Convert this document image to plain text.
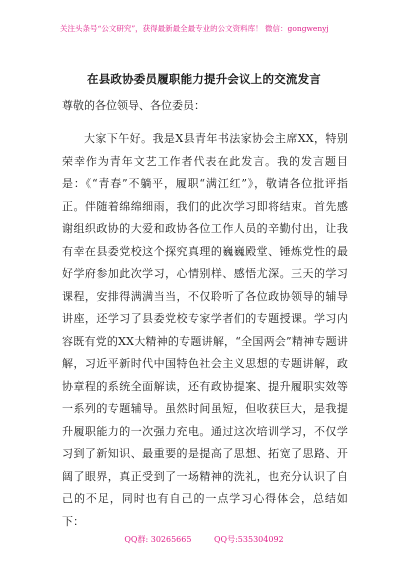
关注头条号“公文研究”，获得最新最全最专业的公文资料库！ 微信：gongwenyj
在县政协委员履职能力提升会议上的交流发言
尊敬的各位领导、各位委员：

大家下午好。我是X县青年书法家协会主席XX，特别荣幸作为青年文艺工作者代表在此发言。我的发言题目是：《“青春”不躺平，履职“满江红”》，敬请各位批评指正。伴随着绵绵细雨，我们的此次学习即将结束。首先感谢组织政协的大爱和政协各位工作人员的辛勤付出，让我有幸在县委党校这个探究真理的巍巍殿堂、锤炼党性的最好学府参加此次学习，心情别样、感悟尤深。三天的学习课程，安排得满满当当，不仅聆听了各位政协领导的辅导讲座，还学习了县委党校专家学者们的专题授课。学习内容既有党的XX大精神的专题讲解，“全国两会”精神专题讲解，习近平新时代中国特色社会主义思想的专题讲解，政协章程的系统全面解读，还有政协提案、提升履职实效等一系列的专题辅导。虽然时间虽短，但收获巨大，是我提升履职能力的一次强力充电。通过这次培训学习，不仅学习到了新知识、最重要的是提高了思想、拓宽了思路、开阔了眼界，真正受到了一场精神的洗礼，也充分认识了自己的不足，同时也有自己的一点学习心得体会，总结如下：

QQ群: 30265665	QQ号:535304092
